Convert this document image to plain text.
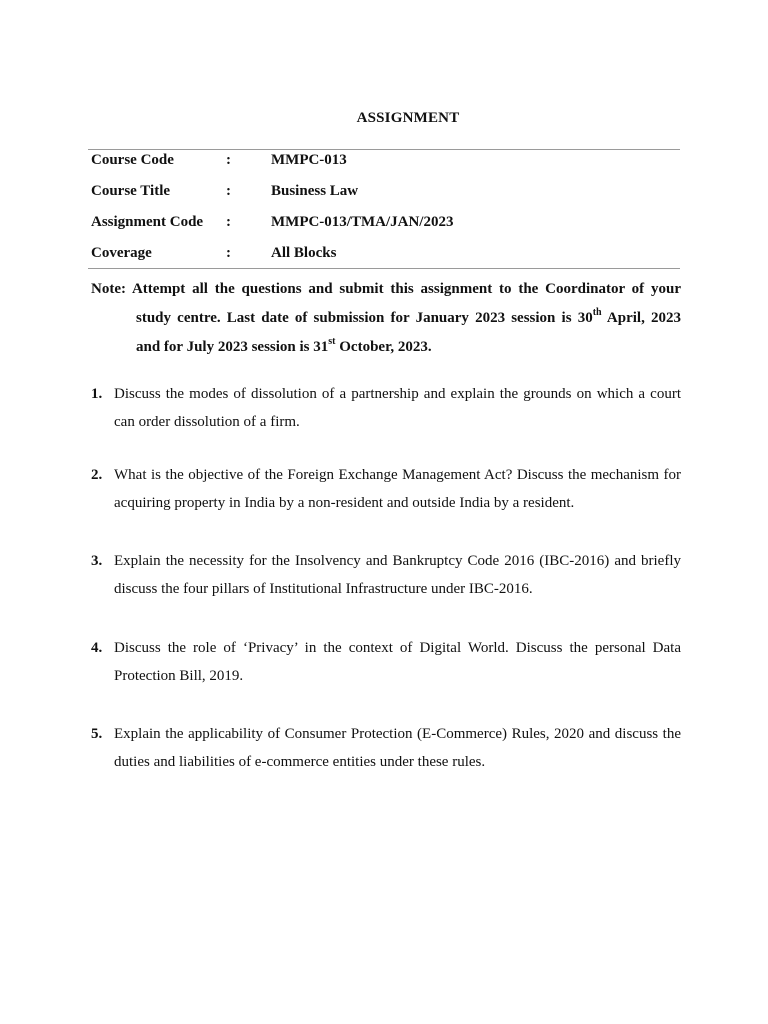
ASSIGNMENT
Course Code	:	MMPC-013
Course Title	:	Business Law
Assignment Code :	MMPC-013/TMA/JAN/2023
Coverage	:	All Blocks
Note: Attempt all the questions and submit this assignment to the Coordinator of your
study centre. Last date of submission for January 2023 session is 30th April, 2023
and for July 2023 session is 31st October, 2023.
1. Discuss the modes of dissolution of a partnership and explain the grounds on which a court can order dissolution of a firm.
2. What is the objective of the Foreign Exchange Management Act? Discuss the mechanism for acquiring property in India by a non-resident and outside India by a resident.
3. Explain the necessity for the Insolvency and Bankruptcy Code 2016 (IBC-2016) and briefly discuss the four pillars of Institutional Infrastructure under IBC-2016.
4. Discuss the role of ‘Privacy’ in the context of Digital World. Discuss the personal Data Protection Bill, 2019.
5. Explain the applicability of Consumer Protection (E-Commerce) Rules, 2020 and discuss the duties and liabilities of e-commerce entities under these rules.
